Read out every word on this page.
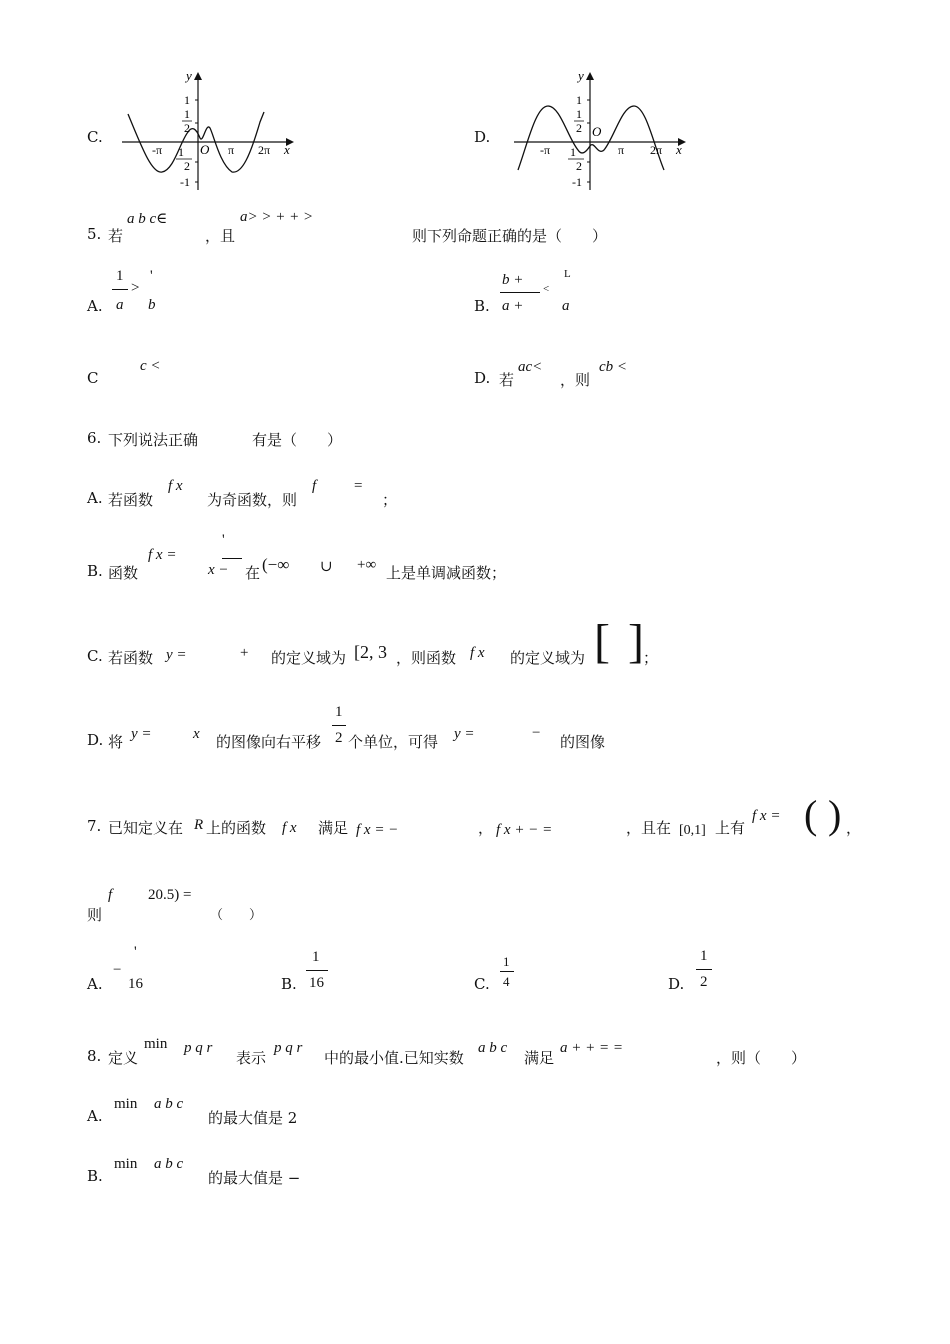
C.
y
x
O
1
1
2
1
2
-1
-π	π 2π
D.
y
x
O
1
1
2
1
2
-1
-π	π 2π
5. 若
a b c∈
，且
a> > + + >
则下列命题正确的是（　　）
A.
1
a
>
'
b	B.
b +
a +
<
L
a
C
c <
D. 若
ac<
，则
cb <
6. 下列说法正确	有是（　　）
A. 若函数
f x
为奇函数，则
f	=
；
B. 函数
f x =
'
x − 在 (−∞ ∪ +∞ 上是单调减函数；
C. 若函数 y =	+ 的定义域为 [2, 3 ，则函数 f x 的定义域为 [ ] ；
D. 将 y =	x 的图像向右平移
1
2 个单位，可得 y =	− 的图像
7. 已知定义在 R 上的函数 f x 满足 f x = −	， f x + − =	，且在 [0,1] 上有
f x = ( ) ，
则
f 20.5) =
（　　）
A.
−
'
16	B.
1
16	C.
1
4	D.
1
2
8. 定义
min p q r
表示
p q r
中的最小值.已知实数
a b c
满足
a + + = =
，则（　　）
A.
min a b c
的最大值是 2
B.
min a b c
的最大值是 −
